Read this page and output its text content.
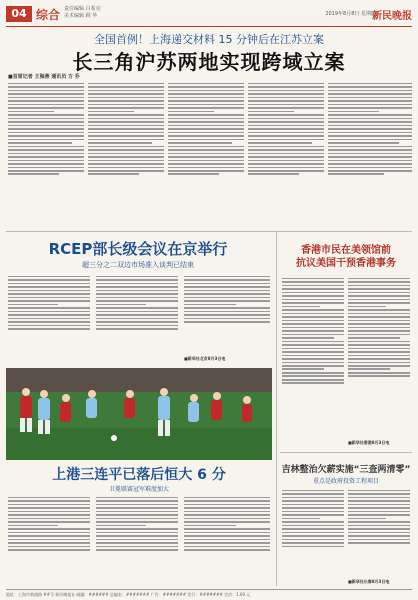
04 综合 责任编辑 吕希克
美术编辑 顾 华	2019年8月8日 星期四
新民晚报
全国首例！上海递交材料 15 分钟后在江苏立案
长三角沪苏两地实现跨域立案
■首席记者 王海燕 通讯员 方 乔
RCEP部长级会议在京举行
超三分之二双边市场准入谈判已结束
■新华社北京8月3日电
香港市民在美领馆前
抗议美国干预香港事务
■新华社香港8月3日电
上港三连平已落后恒大 6 分
卫冕联赛冠军难度加大
吉林整治欠薪实施“三查两清零”
重点是政府投资工程项目
■新华社长春8月3日电
地址：上海市黄浦路 ##号 新民晚报社 邮编：###### 总编室：####### 广告：####### 发行：####### 定价：1.00 元
